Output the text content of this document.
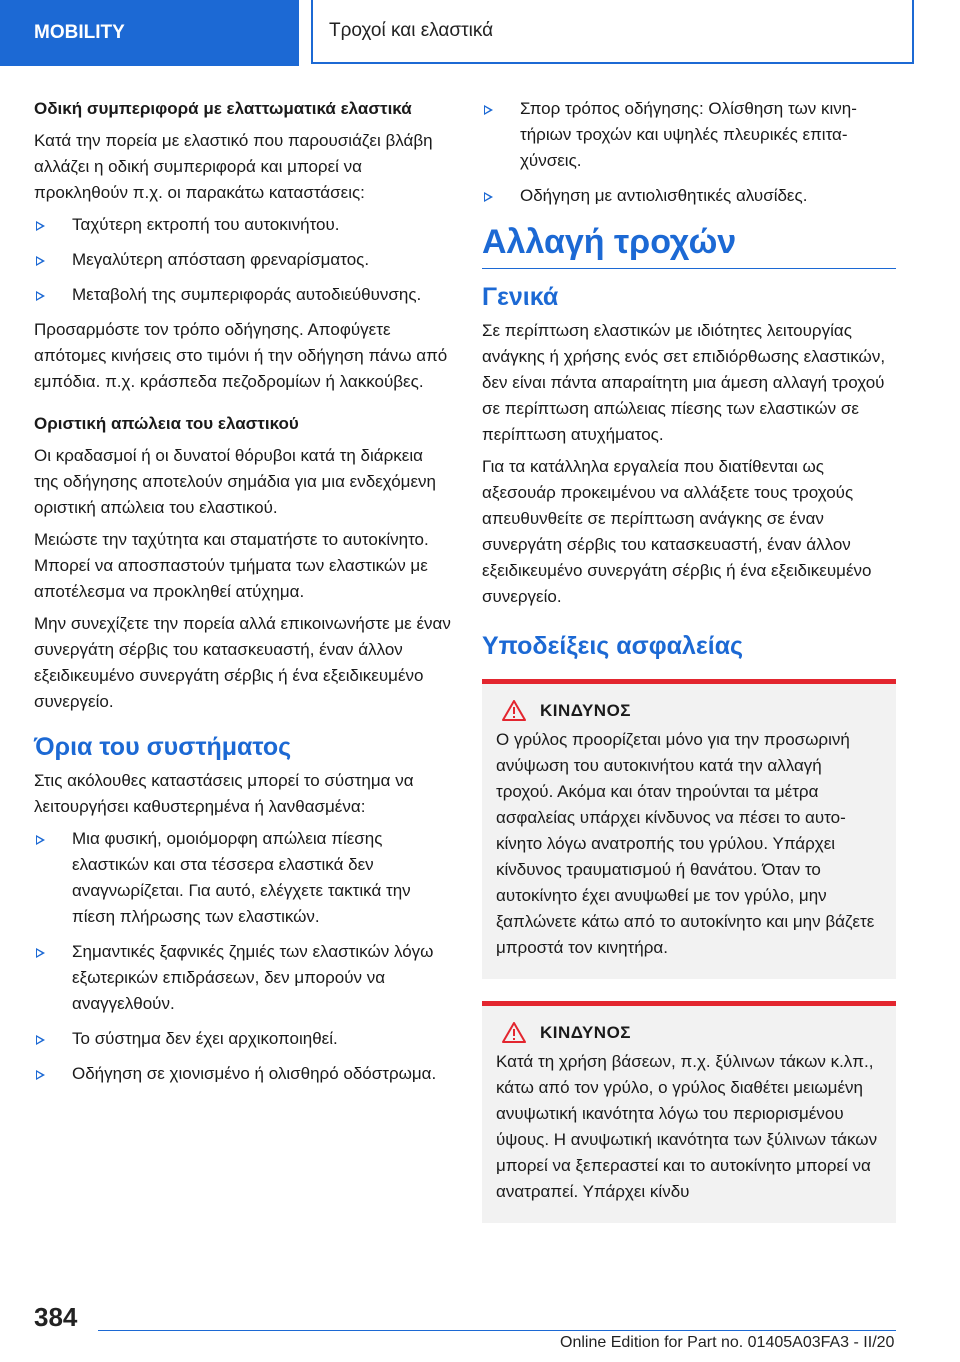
MOBILITY	Τροχοί και ελαστικά

Οδική συμπεριφορά με ελαττωματικά ελαστικά

Κατά την πορεία με ελαστικό που παρουσιάζει βλάβη αλλάζει η οδική συμπεριφορά και μπορεί να προκληθούν π.χ. οι παρακάτω καταστάσεις:

Ταχύτερη εκτροπή του αυτοκινήτου.
Μεγαλύτερη απόσταση φρεναρίσματος.
Μεταβολή της συμπεριφοράς αυτοδιεύθυνσης.

Προσαρμόστε τον τρόπο οδήγησης. Αποφύγετε απότομες κινήσεις στο τιμόνι ή την οδήγηση πάνω από εμπόδια. π.χ. κράσπεδα πεζοδρομίων ή λακκούβες.

Οριστική απώλεια του ελαστικού

Οι κραδασμοί ή οι δυνατοί θόρυβοι κατά τη διάρκεια της οδήγησης αποτελούν σημάδια για μια ενδεχόμενη οριστική απώλεια του ελαστικού.

Μειώστε την ταχύτητα και σταματήστε το αυτοκίνητο. Μπορεί να αποσπαστούν τμήματα των ελαστικών με αποτέλεσμα να προκληθεί ατύχημα.

Μην συνεχίζετε την πορεία αλλά επικοινωνήστε με έναν συνεργάτη σέρβις του κατασκευαστή, έναν άλλον εξειδικευμένο συνεργάτη σέρβις ή ένα εξειδικευμένο συνεργείο.

Όρια του συστήματος

Στις ακόλουθες καταστάσεις μπορεί το σύστημα να λειτουργήσει καθυστερημένα ή λανθασμένα:

Μια φυσική, ομοιόμορφη απώλεια πίεσης ελαστικών και στα τέσσερα ελαστικά δεν αναγνωρίζεται. Για αυτό, ελέγχετε τακτικά την πίεση πλήρωσης των ελαστικών.
Σημαντικές ξαφνικές ζημιές των ελαστικών λόγω εξωτερικών επιδράσεων, δεν μπορούν να αναγγελθούν.
Το σύστημα δεν έχει αρχικοποιηθεί.
Οδήγηση σε χιονισμένο ή ολισθηρό οδόστρωμα.
Σπορ τρόπος οδήγησης: Ολίσθηση των κινητήριων τροχών και υψηλές πλευρικές επιταχύνσεις.
Οδήγηση με αντιολισθητικές αλυσίδες.
Αλλαγή τροχών
Γενικά

Σε περίπτωση ελαστικών με ιδιότητες λειτουργίας ανάγκης ή χρήσης ενός σετ επιδιόρθωσης ελαστικών, δεν είναι πάντα απαραίτητη μια άμεση αλλαγή τροχού σε περίπτωση απώλειας πίεσης των ελαστικών σε περίπτωση ατυχήματος.

Για τα κατάλληλα εργαλεία που διατίθενται ως αξεσουάρ προκειμένου να αλλάξετε τους τροχούς απευθυνθείτε σε περίπτωση ανάγκης σε έναν συνεργάτη σέρβις του κατασκευαστή, έναν άλλον εξειδικευμένο συνεργάτη σέρβις ή ένα εξειδικευμένο συνεργείο.

Υποδείξεις ασφαλείας
ΚΙΝΔΥΝΟΣ

Ο γρύλος προορίζεται μόνο για την προσωρινή ανύψωση του αυτοκινήτου κατά την αλλαγή τροχού. Ακόμα και όταν τηρούνται τα μέτρα ασφαλείας υπάρχει κίνδυνος να πέσει το αυτοκίνητο λόγω ανατροπής του γρύλου. Υπάρχει κίνδυνος τραυματισμού ή θανάτου. Όταν το αυτοκίνητο έχει ανυψωθεί με τον γρύλο, μην ξαπλώνετε κάτω από το αυτοκίνητο και μην βάζετε μπροστά τον κινητήρα.

ΚΙΝΔΥΝΟΣ

Κατά τη χρήση βάσεων, π.χ. ξύλινων τάκων κ.λπ., κάτω από τον γρύλο, ο γρύλος διαθέτει μειωμένη ανυψωτική ικανότητα λόγω του περιορισμένου ύψους. Η ανυψωτική ικανότητα των ξύλινων τάκων μπορεί να ξεπεραστεί και το αυτοκίνητο μπορεί να ανατραπεί. Υπάρχει κίνδυ

384
Online Edition for Part no. 01405A03FA3 - II/20
